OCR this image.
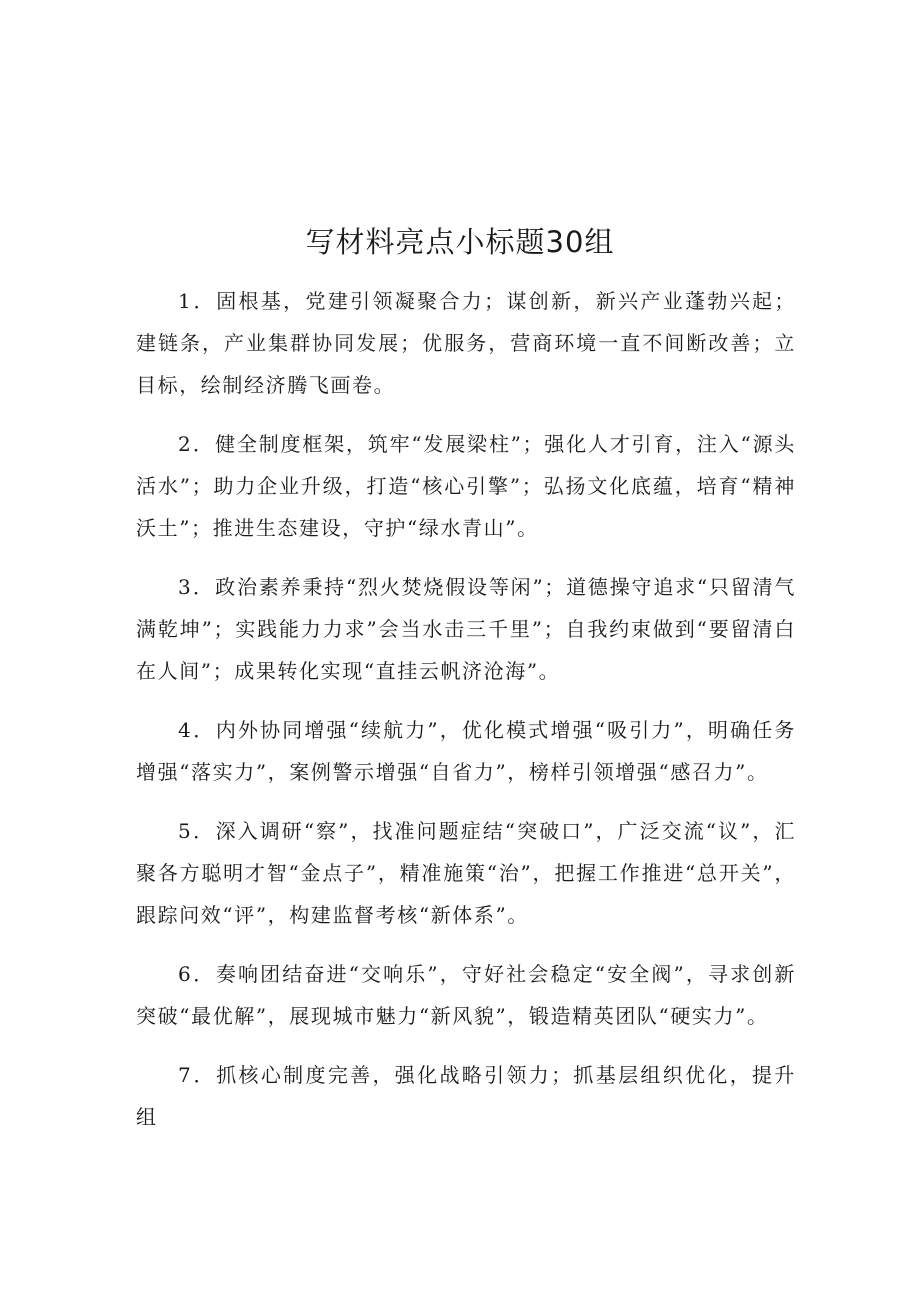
写材料亮点小标题30组

1．固根基，党建引领凝聚合力；谋创新，新兴产业蓬勃兴起；建链条，产业集群协同发展；优服务，营商环境一直不间断改善；立目标，绘制经济腾飞画卷。

2．健全制度框架，筑牢“发展梁柱”；强化人才引育，注入“源头活水”；助力企业升级，打造“核心引擎”；弘扬文化底蕴，培育“精神沃土”；推进生态建设，守护“绿水青山”。

3．政治素养秉持“烈火焚烧假设等闲”；道德操守追求“只留清气满乾坤”；实践能力力求”会当水击三千里”；自我约束做到“要留清白在人间”；成果转化实现“直挂云帆济沧海”。

4．内外协同增强“续航力”，优化模式增强“吸引力”，明确任务增强“落实力”，案例警示增强“自省力”，榜样引领增强“感召力”。

5．深入调研“察”，找准问题症结“突破口”，广泛交流“议”，汇聚各方聪明才智“金点子”，精准施策“治”，把握工作推进“总开关”，跟踪问效“评”，构建监督考核“新体系”。

6．奏响团结奋进“交响乐”，守好社会稳定“安全阀”，寻求创新突破“最优解”，展现城市魅力“新风貌”，锻造精英团队“硬实力”。

7．抓核心制度完善，强化战略引领力；抓基层组织优化，提升组
